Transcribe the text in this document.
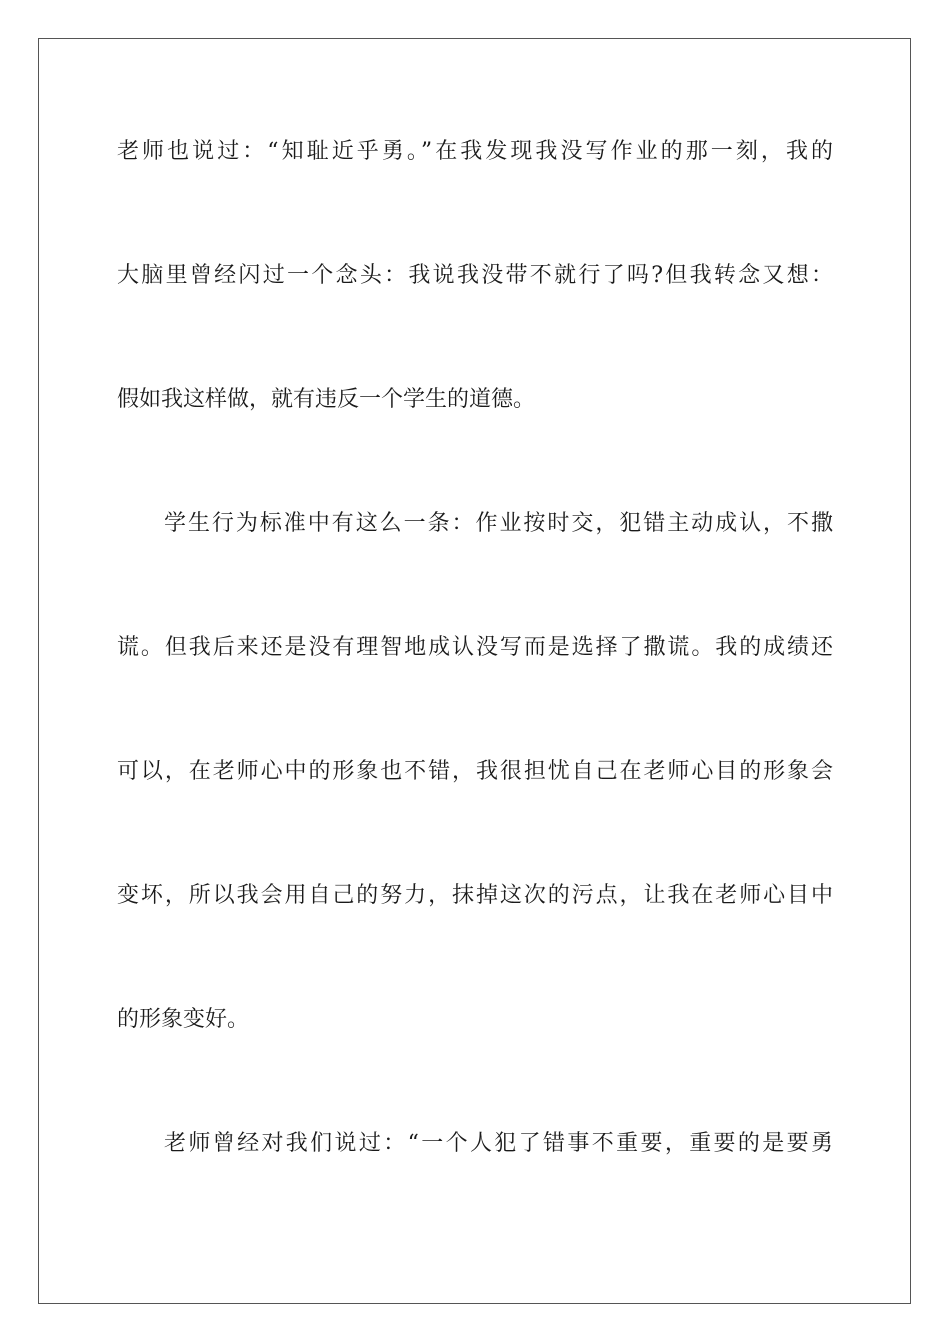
老师也说过：“知耻近乎勇。”在我发现我没写作业的那一刻，我的
大脑里曾经闪过一个念头：我说我没带不就行了吗?但我转念又想：
假如我这样做，就有违反一个学生的道德。
学生行为标准中有这么一条：作业按时交，犯错主动成认，不撒
谎。但我后来还是没有理智地成认没写而是选择了撒谎。我的成绩还
可以，在老师心中的形象也不错，我很担忧自己在老师心目的形象会
变坏，所以我会用自己的努力，抹掉这次的污点，让我在老师心目中
的形象变好。
老师曾经对我们说过：“一个人犯了错事不重要，重要的是要勇
